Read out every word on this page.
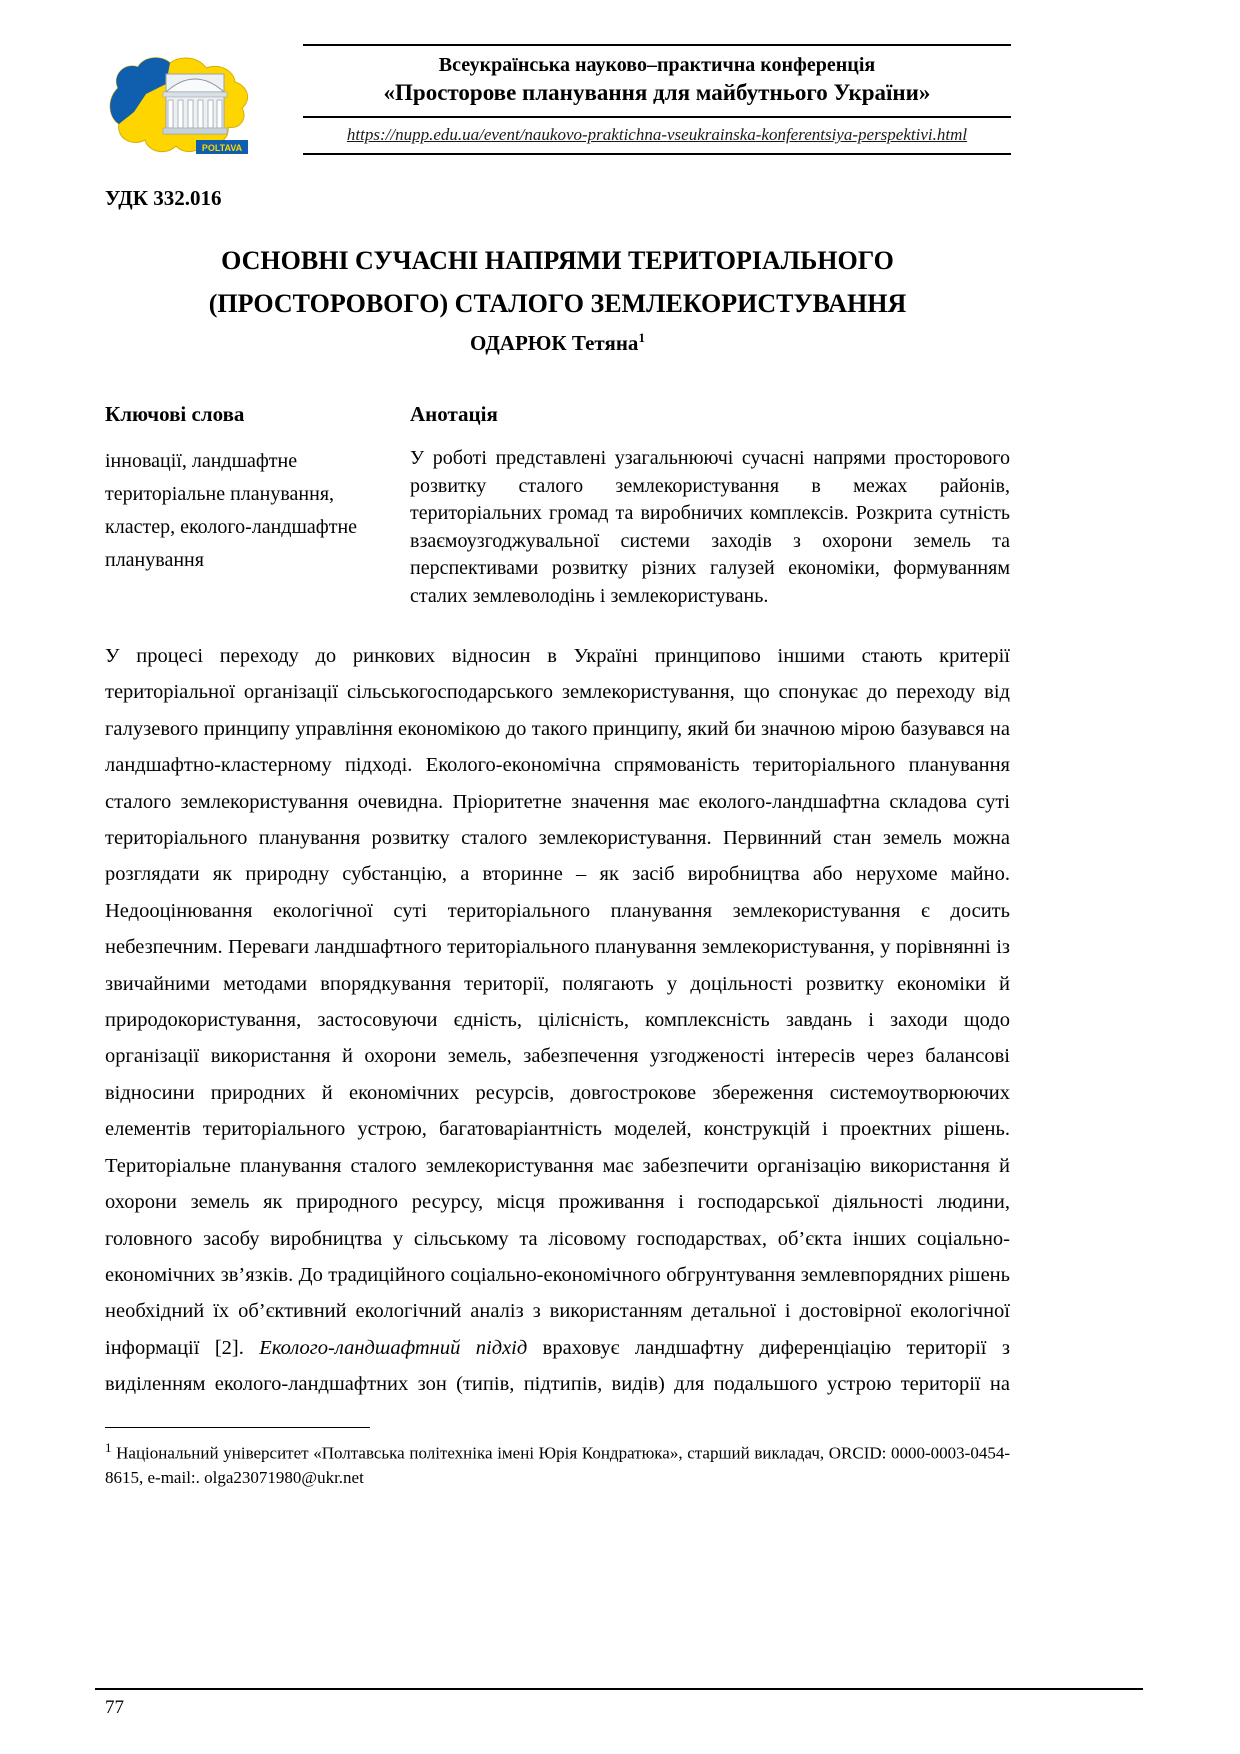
POLTAVA
Всеукраїнська науково–практична конференція
«Просторове планування для майбутнього України»
https://nupp.edu.ua/event/naukovo-praktichna-vseukrainska-konferentsiya-perspektivi.html
УДК 332.016
ОСНОВНІ СУЧАСНІ НАПРЯМИ ТЕРИТОРІАЛЬНОГО
(ПРОСТОРОВОГО) СТАЛОГО ЗЕМЛЕКОРИСТУВАННЯ
ОДАРЮК Тетяна$^1$
Ключові слова
інновації, ландшафтне територіальне планування, кластер, еколого-ландшафтне планування
Анотація
У роботі представлені узагальнюючі сучасні напрями просторового розвитку сталого землекористування в межах районів, територіальних громад та виробничих комплексів. Розкрита сутність взаємоузгоджувальної системи заходів з охорони земель та перспективами розвитку різних галузей економіки, формуванням сталих землеволодінь і землекористувань.

У процесі переходу до ринкових відносин в Україні принципово іншими стають критерії територіальної організації сільськогосподарського землекористування, що спонукає до переходу від галузевого принципу управління економікою до такого принципу, який би значною мірою базувався на ландшафтно-кластерному підході. Еколого-економічна спрямованість територіального планування сталого землекористування очевидна. Пріоритетне значення має еколого-ландшафтна складова суті територіального планування розвитку сталого землекористування. Первинний стан земель можна розглядати як природну субстанцію, а вторинне – як засіб виробництва або нерухоме майно. Недооцінювання екологічної суті територіального планування землекористування є досить небезпечним. Переваги ландшафтного територіального планування землекористування, у порівнянні із звичайними методами впорядкування території, полягають у доцільності розвитку економіки й природокористування, застосовуючи єдність, цілісність, комплексність завдань і заходи щодо організації використання й охорони земель, забезпечення узгодженості інтересів через балансові відносини природних й економічних ресурсів, довгострокове збереження системоутворюючих елементів територіального устрою, багатоваріантність моделей, конструкцій і проектних рішень. Територіальне планування сталого землекористування має забезпечити організацію використання й охорони земель як природного ресурсу, місця проживання і господарської діяльності людини, головного засобу виробництва у сільському та лісовому господарствах, об’єкта інших соціально-економічних зв’язків. До традиційного соціально-економічного обгрунтування землевпорядних рішень необхідний їх об’єктивний екологічний аналіз з використанням детальної і достовірної екологічної інформації [2]. Еколого-ландшафтний підхід враховує ландшафтну диференціацію території з виділенням еколого-ландшафтних зон (типів, підтипів, видів) для подальшого устрою території на

$^1$ Національний університет «Полтавська політехніка імені Юрія Кондратюка», старший викладач, ORCID: 0000-0003-0454-8615, e-mail:. olga23071980@ukr.net
77
